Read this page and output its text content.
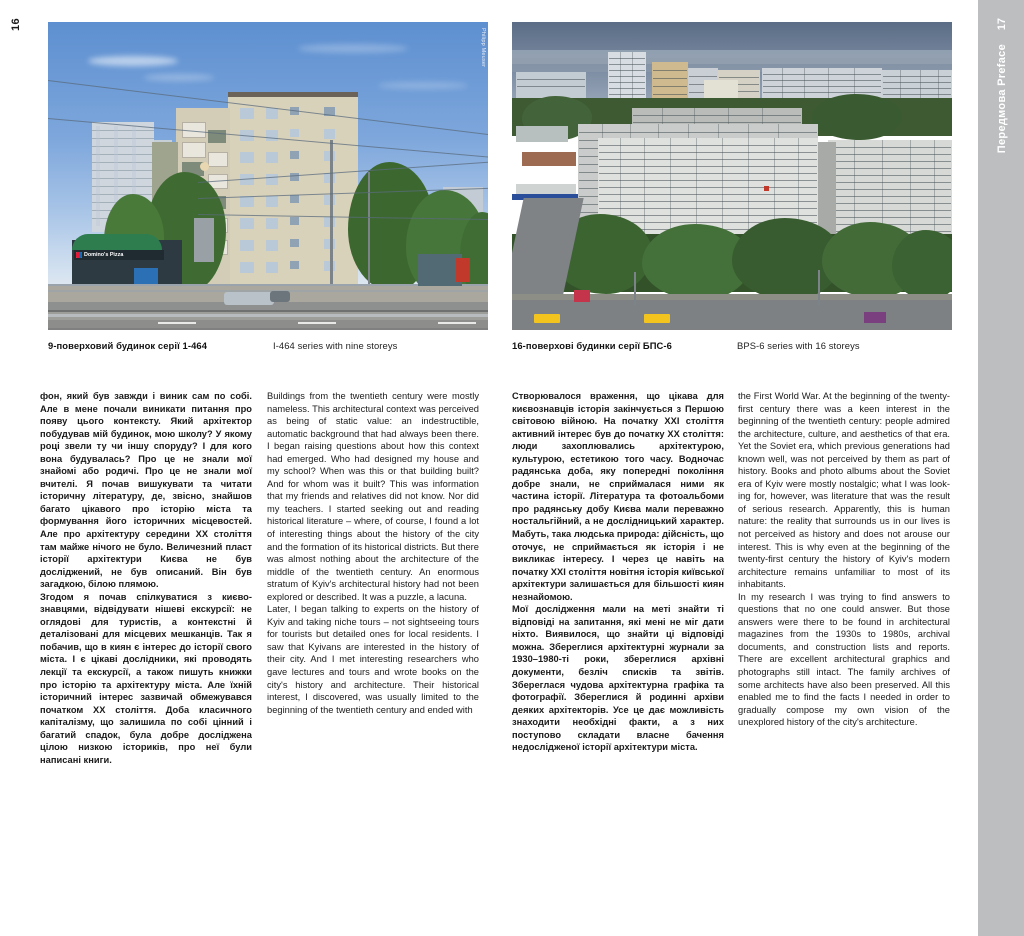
16
Domino's Pizza
Philipp Meuser
9-поверховий будинок серії 1-464	I-464 series with nine storeys

фон, який був завжди і виник сам по собі. Але в мене почали виникати питання про появу цього контексту. Який архітектор побудував мій будинок, мою школу? У якому році звели ту чи іншу споруду? І для кого вона будувалась? Про це не знали мої знайомі або родичі. Про це не знали мої вчителі. Я почав вишукувати та читати історичну літературу, де, звісно, знайшов багато цікавого про історію міста та формування його історичних місцевостей. Але про архітектуру середини ХХ століття там майже нічого не було. Величезний пласт історії архітектури Києва не був досліджений, не був описаний. Він був загадкою, білою плямою.

Згодом я почав спілкуватися з києвознавцями, відвідувати нішеві екскурсії: не оглядові для туристів, а контекстні й деталізовані для місцевих мешканців. Так я побачив, що в киян є інтерес до історії свого міста. І є цікаві дослідники, які проводять лекції та екскурсії, а також пишуть книжки про історію та архітектуру міста. Але їхній історичний інтерес зазвичай обмежувався початком ХХ століття. Доба класичного капіталізму, що залишила по собі цінний і багатий спадок, була добре досліджена цілою низкою істориків, про неї були написані книги.

Buildings from the twentieth century were mostly nameless. This architectural context was perceived as being of static value: an indestructible, automatic background that had always been there. I began raising questions about how this context had emerged. Who had designed my house and my school? When was this or that building built? And for whom was it built? This was information that my friends and relatives did not know. Nor did my teachers. I started seeking out and reading historical literature – where, of course, I found a lot of interesting things about the history of the city and the formation of its historical districts. But there was almost nothing about the architecture of the middle of the twentieth century. An enormous stratum of Kyiv's architectural history had not been explored or described. It was a puzzle, a lacuna.

Later, I began talking to experts on the history of Kyiv and taking niche tours – not sightseeing tours for tourists but detailed ones for local residents. I saw that Kyivans are interested in the history of their city. And I met interesting researchers who gave lectures and tours and wrote books on the city's history and architecture. Their historical interest, I discovered, was usually limited to the beginning of the twentieth century and ended with

16-поверхові будинки серії БПС-6	BPS-6 series with 16 storeys

Створювалося враження, що цікава для києвознавців історія закінчується з Першою світовою війною. На початку ХХІ століття активний інтерес був до початку ХХ століття: люди захоплювались архітектурою, культурою, естетикою того часу. Водночас радянська доба, яку попередні покоління добре знали, не сприймалася ними як частина історії. Література та фотоальбоми про радянську добу Києва мали переважно ностальгійний, а не дослідницький характер. Мабуть, така людська природа: дійсність, що оточує, не сприймається як історія і не викликає інтересу. І через це навіть на початку ХХІ століття новітня історія київської архітектури залишається для більшості киян незнайомою.

Мої дослідження мали на меті знайти ті відповіді на запитання, які мені не міг дати ніхто. Виявилося, що знайти ці відповіді можна. Збереглися архітектурні журнали за 1930–1980-ті роки, збереглися архівні документи, безліч списків та звітів. Збереглася чудова архітектурна графіка та фотографії. Збереглися й родинні архіви деяких архітекторів. Усе це дає можливість знаходити необхідні факти, а з них поступово складати власне бачення недослідженої історії архітектури міста.

the First World War. At the beginning of the twenty-first century there was a keen interest in the beginning of the twentieth century: people admired the architecture, culture, and aesthetics of that era. Yet the Soviet era, which previous generations had known well, was not perceived by them as part of history. Books and photo albums about the Soviet era of Kyiv were mostly nostalgic; what I was looking for, however, was literature that was the result of serious research. Apparently, this is human nature: the reality that surrounds us in our lives is not perceived as history and does not arouse our interest. This is why even at the beginning of the twenty-first century the history of Kyiv's modern architecture remains unfamiliar to most of its inhabitants.

In my research I was trying to find answers to questions that no one could answer. But those answers were there to be found in architectural magazines from the 1930s to 1980s, archival documents, and construction lists and reports. There are excellent architectural graphics and photographs still intact. The family archives of some architects have also been preserved. All this enabled me to find the facts I needed in order to gradually compose my own vision of the unexplored history of the city's architecture.

17
Передмова Preface
